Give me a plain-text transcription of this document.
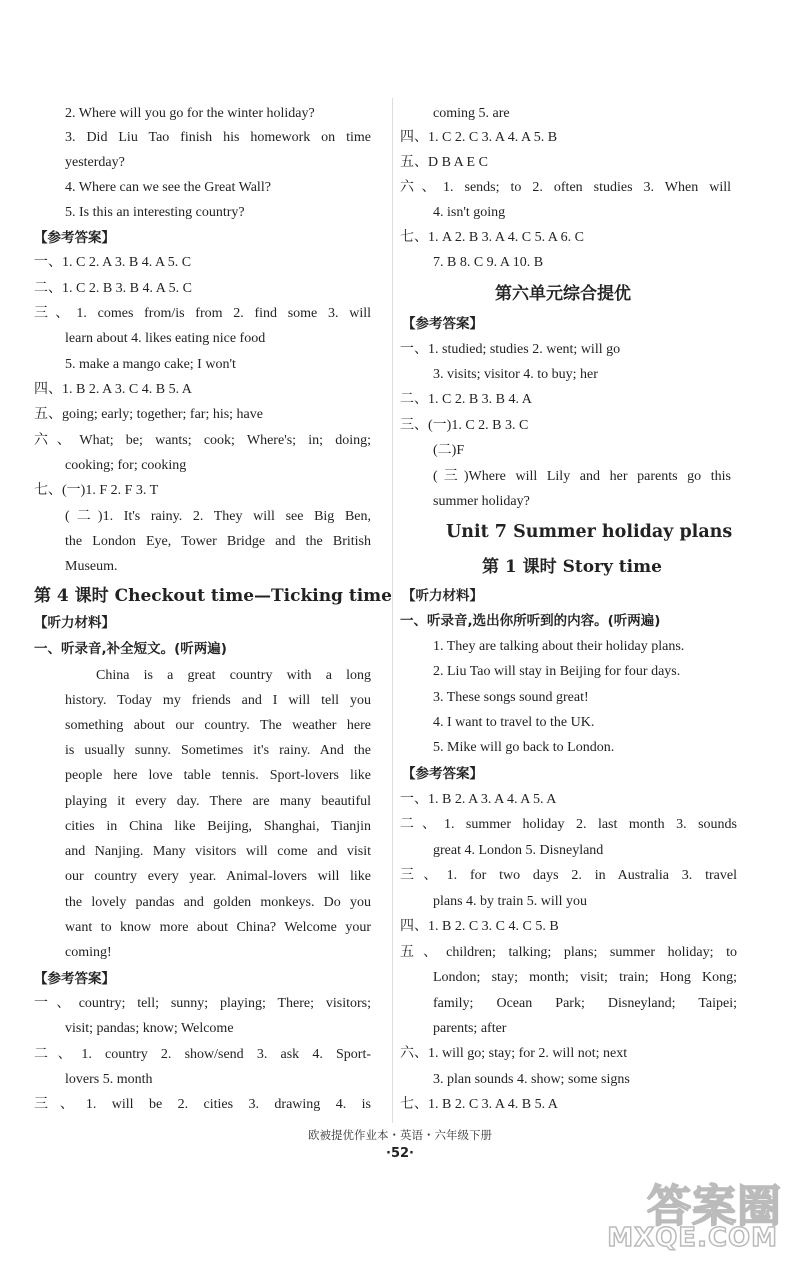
2. Where will you go for the winter holiday?
3. Did Liu Tao finish his homework on time
yesterday?
4. Where can we see the Great Wall?
5. Is this an interesting country?
【参考答案】
一、1. C 2. A 3. B 4. A 5. C
二、1. C 2. B 3. B 4. A 5. C
三、1. comes from/is from 2. find some 3. will
learn about 4. likes eating nice food
5. make a mango cake; I won't
四、1. B 2. A 3. C 4. B 5. A
五、going; early; together; far; his; have
六、What; be; wants; cook; Where's; in; doing;
cooking; for; cooking
七、(一)1. F 2. F 3. T
(二)1. It's rainy. 2. They will see Big Ben,
the London Eye, Tower Bridge and the British
Museum.
第 4 课时 Checkout time—Ticking time
【听力材料】
一、听录音,补全短文。(听两遍)
China is a great country with a long
history. Today my friends and I will tell you
something about our country. The weather here
is usually sunny. Sometimes it's rainy. And the
people here love table tennis. Sport-lovers like
playing it every day. There are many beautiful
cities in China like Beijing, Shanghai, Tianjin
and Nanjing. Many visitors will come and visit
our country every year. Animal-lovers will like
the lovely pandas and golden monkeys. Do you
want to know more about China? Welcome your
coming!
【参考答案】
一、country; tell; sunny; playing; There; visitors;
visit; pandas; know; Welcome
二、1. country 2. show/send 3. ask 4. Sport-
lovers 5. month
三、1. will be 2. cities 3. drawing 4. is
coming 5. are
四、1. C 2. C 3. A 4. A 5. B
五、D B A E C
六、1. sends; to 2. often studies 3. When will
4. isn't going
七、1. A 2. B 3. A 4. C 5. A 6. C
7. B 8. C 9. A 10. B
第六单元综合提优
【参考答案】
一、1. studied; studies 2. went; will go
3. visits; visitor 4. to buy; her
二、1. C 2. B 3. B 4. A
三、(一)1. C 2. B 3. C
(二)F
(三)Where will Lily and her parents go this
summer holiday?
Unit 7 Summer holiday plans
第 1 课时 Story time
【听力材料】
一、听录音,选出你所听到的内容。(听两遍)
1. They are talking about their holiday plans.
2. Liu Tao will stay in Beijing for four days.
3. These songs sound great!
4. I want to travel to the UK.
5. Mike will go back to London.
【参考答案】
一、1. B 2. A 3. A 4. A 5. A
二、1. summer holiday 2. last month 3. sounds
great 4. London 5. Disneyland
三、1. for two days 2. in Australia 3. travel
plans 4. by train 5. will you
四、1. B 2. C 3. C 4. C 5. B
五、children; talking; plans; summer holiday; to
London; stay; month; visit; train; Hong Kong;
family; Ocean Park; Disneyland; Taipei;
parents; after
六、1. will go; stay; for 2. will not; next
3. plan sounds 4. show; some signs
七、1. B 2. C 3. A 4. B 5. A
欧被提优作业本・英语・六年级下册
·52·
答案圈
MXQE.COM
